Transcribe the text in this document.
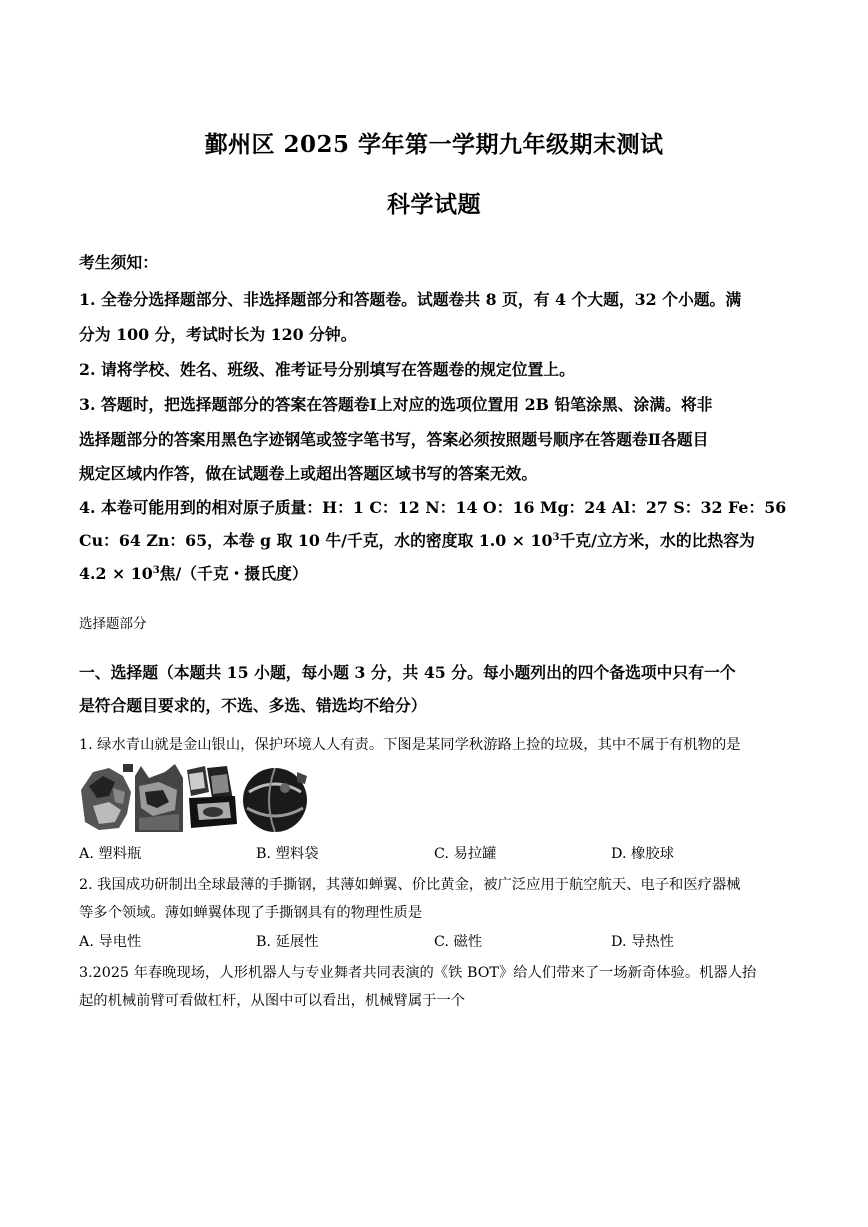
鄞州区 2025 学年第一学期九年级期末测试
科学试题
考生须知：
1. 全卷分选择题部分、非选择题部分和答题卷。试题卷共 8 页，有 4 个大题，32 个小题。满
分为 100 分，考试时长为 120 分钟。
2. 请将学校、姓名、班级、准考证号分别填写在答题卷的规定位置上。
3. 答题时，把选择题部分的答案在答题卷Ⅰ上对应的选项位置用 2B 铅笔涂黑、涂满。将非
选择题部分的答案用黑色字迹钢笔或签字笔书写，答案必须按照题号顺序在答题卷Ⅱ各题目
规定区域内作答，做在试题卷上或超出答题区域书写的答案无效。
4. 本卷可能用到的相对原子质量：H：1 C：12 N：14 O：16 Mg：24 Al：27 S：32 Fe：56
Cu：64 Zn：65，本卷 g 取 10 牛/千克，水的密度取 $1.0 \times 10^3$千克/立方米，水的比热容为
$4.2 \times 10^3$焦/（千克・摄氏度）
选择题部分
一、选择题（本题共 15 小题，每小题 3 分，共 45 分。每小题列出的四个备选项中只有一个
是符合题目要求的，不选、多选、错选均不给分）
1. 绿水青山就是金山银山，保护环境人人有责。下图是某同学秋游路上捡的垃圾，其中不属于有机物的是
A. 塑料瓶	B. 塑料袋	C. 易拉罐	D. 橡胶球
2. 我国成功研制出全球最薄的手撕钢，其薄如蝉翼、价比黄金，被广泛应用于航空航天、电子和医疗器械
等多个领域。薄如蝉翼体现了手撕钢具有的物理性质是
A. 导电性	B. 延展性	C. 磁性	D. 导热性
3.2025 年春晚现场，人形机器人与专业舞者共同表演的《铁 BOT》给人们带来了一场新奇体验。机器人抬
起的机械前臂可看做杠杆，从图中可以看出，机械臂属于一个
